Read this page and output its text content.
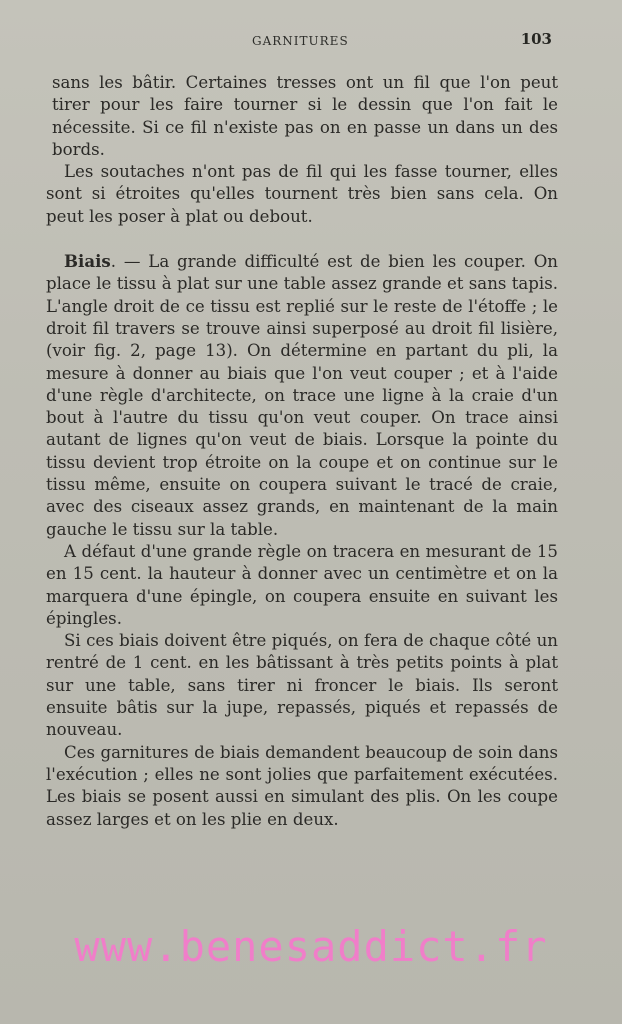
GARNITURES	103

sans les bâtir. Certaines tresses ont un fil que l'on peut tirer pour les faire tourner si le dessin que l'on fait le nécessite. Si ce fil n'existe pas on en passe un dans un des bords.

Les soutaches n'ont pas de fil qui les fasse tourner, elles sont si étroites qu'elles tournent très bien sans cela. On peut les poser à plat ou debout.

Biais. — La grande difficulté est de bien les couper. On place le tissu à plat sur une table assez grande et sans tapis. L'angle droit de ce tissu est replié sur le reste de l'étoffe ; le droit fil travers se trouve ainsi superposé au droit fil lisière, (voir fig. 2, page 13). On détermine en partant du pli, la mesure à donner au biais que l'on veut couper ; et à l'aide d'une règle d'architecte, on trace une ligne à la craie d'un bout à l'autre du tissu qu'on veut couper. On trace ainsi autant de lignes qu'on veut de biais. Lorsque la pointe du tissu devient trop étroite on la coupe et on continue sur le tissu même, ensuite on coupera suivant le tracé de craie, avec des ciseaux assez grands, en maintenant de la main gauche le tissu sur la table.

A défaut d'une grande règle on tracera en mesurant de 15 en 15 cent. la hauteur à donner avec un centimètre et on la marquera d'une épingle, on coupera ensuite en suivant les épingles.

Si ces biais doivent être piqués, on fera de chaque côté un rentré de 1 cent. en les bâtissant à très petits points à plat sur une table, sans tirer ni froncer le biais. Ils seront ensuite bâtis sur la jupe, repassés, piqués et repassés de nouveau.

Ces garnitures de biais demandent beaucoup de soin dans l'exécution ; elles ne sont jolies que parfaitement exécutées. Les biais se posent aussi en simulant des plis. On les coupe assez larges et on les plie en deux.

www.benesaddict.fr
